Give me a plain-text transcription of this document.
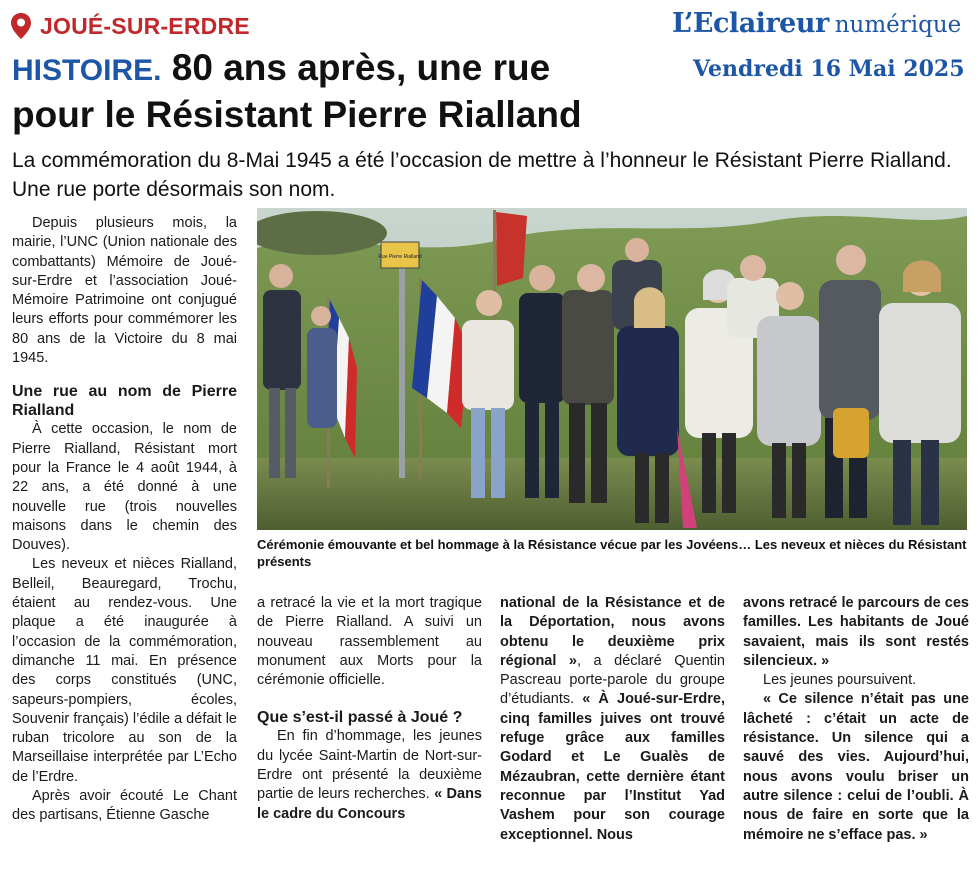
JOUÉ-SUR-ERDRE	L’Eclaireur numérique
Vendredi 16 Mai 2025
HISTOIRE. 80 ans après, une rue
pour le Résistant Pierre Rialland
La commémoration du 8-Mai 1945 a été l’occasion de mettre à l’honneur le Résistant Pierre Rialland. Une rue porte désormais son nom.
Rue Pierre Rialland
Cérémonie émouvante et bel hommage à la Résistance vécue par les Jovéens… Les neveux et nièces du Résistant présents

Depuis plusieurs mois, la mairie, l’UNC (Union nationale des combattants) Mémoire de Joué-sur-Erdre et l’association Joué-Mémoire Patrimoine ont conjugué leurs efforts pour commémorer les 80 ans de la Victoire du 8 mai 1945.

Une rue au nom de Pierre Rialland

À cette occasion, le nom de Pierre Rialland, Résistant mort pour la France le 4 août 1944, à 22 ans, a été donné à une nouvelle rue (trois nouvelles maisons dans le chemin des Douves).

Les neveux et nièces Rialland, Belleil, Beauregard, Trochu, étaient au rendez-vous. Une plaque a été inaugurée à l’occasion de la commémoration, dimanche 11 mai. En présence des corps constitués (UNC, sapeurs-pompiers, écoles, Souvenir français) l’édile a défait le ruban tricolore au son de la Marseillaise interprétée par L’Echo de l’Erdre.

Après avoir écouté Le Chant des partisans, Étienne Gasche

a retracé la vie et la mort tragique de Pierre Rialland. A suivi un nouveau rassemblement au monument aux Morts pour la cérémonie officielle.

Que s’est-il passé à Joué ?

En fin d’hommage, les jeunes du lycée Saint-Martin de Nort-sur-Erdre ont présenté la deuxième partie de leurs recherches. « Dans le cadre du Concours

national de la Résistance et de la Déportation, nous avons obtenu le deuxième prix régional », a déclaré Quentin Pascreau porte-parole du groupe d’étudiants. « À Joué-sur-Erdre, cinq familles juives ont trouvé refuge grâce aux familles Godard et Le Gualès de Mézaubran, cette dernière étant reconnue par l’Institut Yad Vashem pour son courage exceptionnel. Nous

avons retracé le parcours de ces familles. Les habitants de Joué savaient, mais ils sont restés silencieux. »

Les jeunes poursuivent.

« Ce silence n’était pas une lâcheté : c’était un acte de résistance. Un silence qui a sauvé des vies. Aujourd’hui, nous avons voulu briser un autre silence : celui de l’oubli. À nous de faire en sorte que la mémoire ne s’efface pas. »
